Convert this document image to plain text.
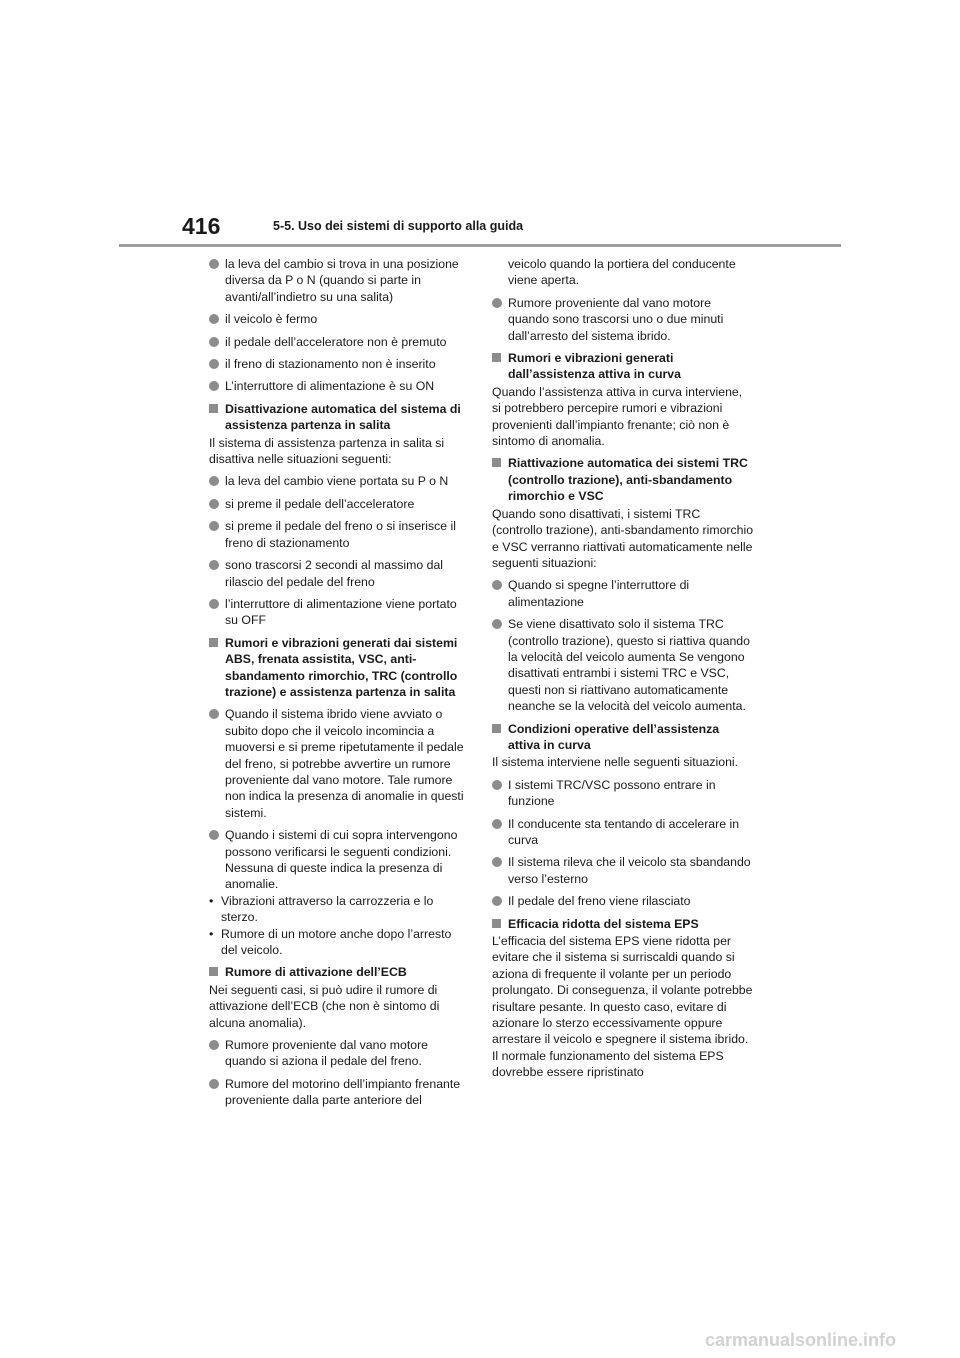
416	5-5. Uso dei sistemi di supporto alla guida
la leva del cambio si trova in una posizione diversa da P o N (quando si parte in avanti/all’indietro su una salita)
il veicolo è fermo
il pedale dell’acceleratore non è premuto
il freno di stazionamento non è inserito
L’interruttore di alimentazione è su ON
Disattivazione automatica del sistema di assistenza partenza in salita
Il sistema di assistenza partenza in salita si disattiva nelle situazioni seguenti:
la leva del cambio viene portata su P o N
si preme il pedale dell’acceleratore
si preme il pedale del freno o si inserisce il freno di stazionamento
sono trascorsi 2 secondi al massimo dal rilascio del pedale del freno
l’interruttore di alimentazione viene portato su OFF
Rumori e vibrazioni generati dai sistemi ABS, frenata assistita, VSC, anti-sbandamento rimorchio, TRC (controllo trazione) e assistenza partenza in salita
Quando il sistema ibrido viene avviato o subito dopo che il veicolo incomincia a muoversi e si preme ripetutamente il pedale del freno, si potrebbe avvertire un rumore proveniente dal vano motore. Tale rumore non indica la presenza di anomalie in questi sistemi.
Quando i sistemi di cui sopra intervengono possono verificarsi le seguenti condizioni. Nessuna di queste indica la presenza di anomalie.
• Vibrazioni attraverso la carrozzeria e lo sterzo.
• Rumore di un motore anche dopo l’arresto del veicolo.
Rumore di attivazione dell’ECB
Nei seguenti casi, si può udire il rumore di attivazione dell’ECB (che non è sintomo di alcuna anomalia).
Rumore proveniente dal vano motore quando si aziona il pedale del freno.
Rumore del motorino dell’impianto frenante proveniente dalla parte anteriore del
veicolo quando la portiera del conducente viene aperta.
Rumore proveniente dal vano motore quando sono trascorsi uno o due minuti dall’arresto del sistema ibrido.
Rumori e vibrazioni generati dall’assistenza attiva in curva
Quando l’assistenza attiva in curva interviene, si potrebbero percepire rumori e vibrazioni provenienti dall’impianto frenante; ciò non è sintomo di anomalia.
Riattivazione automatica dei sistemi TRC (controllo trazione), anti-sbandamento rimorchio e VSC
Quando sono disattivati, i sistemi TRC (controllo trazione), anti-sbandamento rimorchio e VSC verranno riattivati automaticamente nelle seguenti situazioni:
Quando si spegne l’interruttore di alimentazione
Se viene disattivato solo il sistema TRC (controllo trazione), questo si riattiva quando la velocità del veicolo aumenta Se vengono disattivati entrambi i sistemi TRC e VSC, questi non si riattivano automaticamente neanche se la velocità del veicolo aumenta.
Condizioni operative dell’assistenza attiva in curva
Il sistema interviene nelle seguenti situazioni.
I sistemi TRC/VSC possono entrare in funzione
Il conducente sta tentando di accelerare in curva
Il sistema rileva che il veicolo sta sbandando verso l’esterno
Il pedale del freno viene rilasciato
Efficacia ridotta del sistema EPS
L’efficacia del sistema EPS viene ridotta per evitare che il sistema si surriscaldi quando si aziona di frequente il volante per un periodo prolungato. Di conseguenza, il volante potrebbe risultare pesante. In questo caso, evitare di azionare lo sterzo eccessivamente oppure arrestare il veicolo e spegnere il sistema ibrido. Il normale funzionamento del sistema EPS dovrebbe essere ripristinato
carmanualsonline.info
